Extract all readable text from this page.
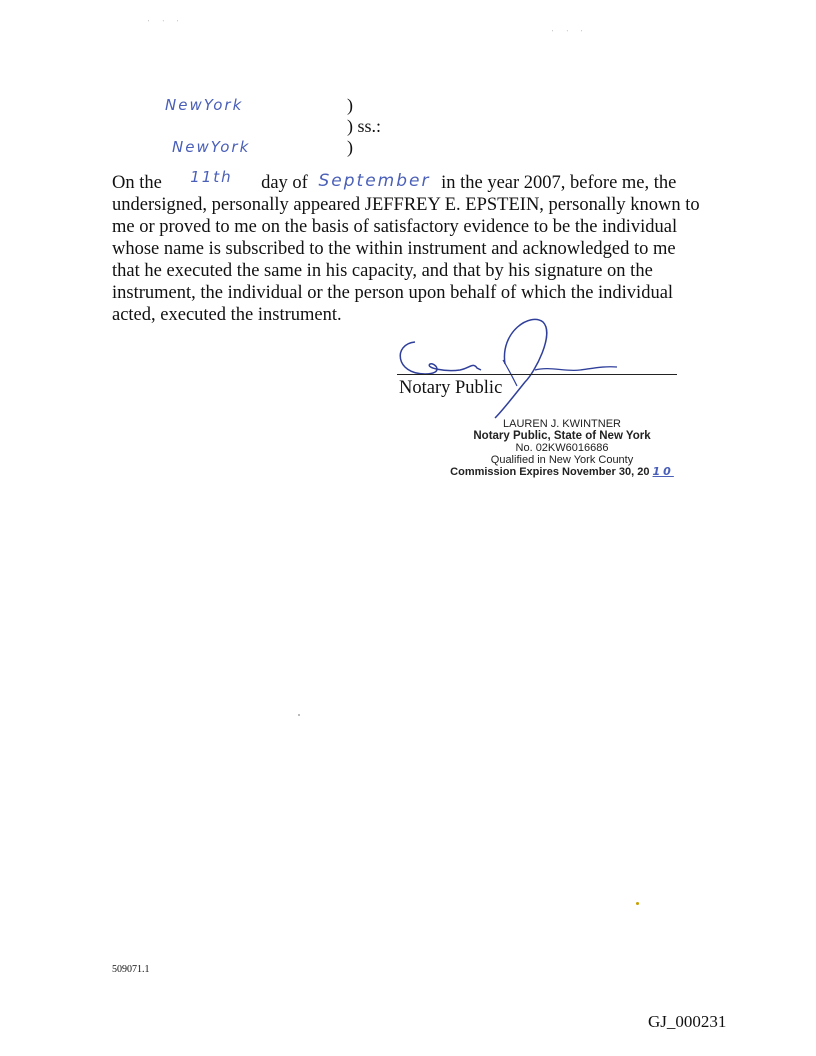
' ' '
' ' '
NewYork
NewYork
)
) ss.:
)
On the 11th day of September in the year 2007, before me, the
undersigned, personally appeared JEFFREY E. EPSTEIN, personally known to me or proved to me on the basis of satisfactory evidence to be the individual whose name is subscribed to the within instrument and acknowledged to me that he executed the same in his capacity, and that by his signature on the instrument, the individual or the person upon behalf of which the individual acted, executed the instrument.
Notary Public
LAUREN J. KWINTNER
Notary Public, State of New York
No. 02KW6016686
Qualified in New York County
Commission Expires November 30, 20 10
509071.1
GJ_000231
